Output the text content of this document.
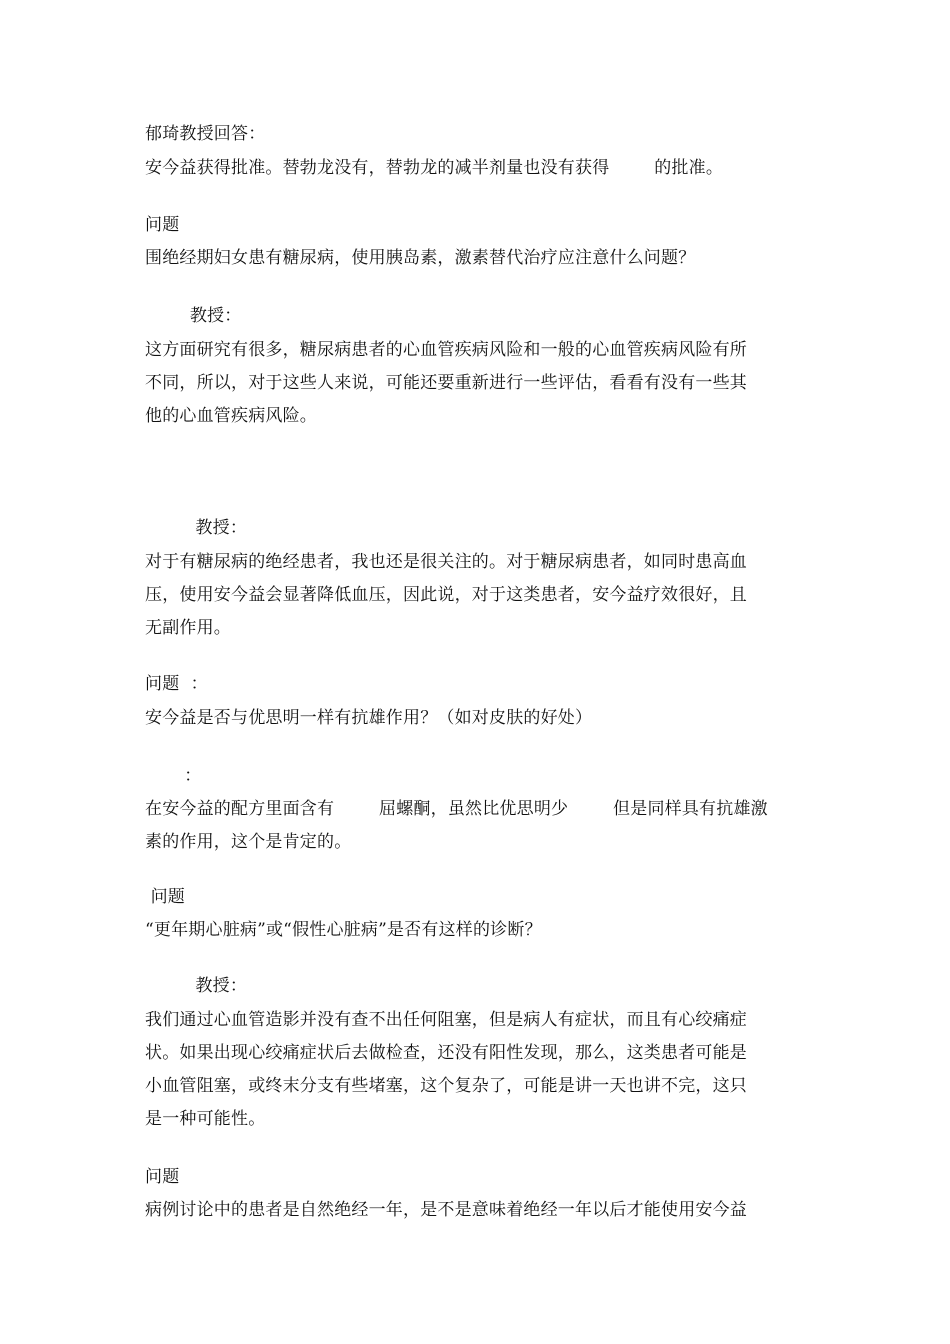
郁琦教授回答：
安今益获得批准。替勃龙没有，替勃龙的减半剂量也没有获得        的批准。
问题
围绝经期妇女患有糖尿病，使用胰岛素，激素替代治疗应注意什么问题？
教授：
这方面研究有很多，糖尿病患者的心血管疾病风险和一般的心血管疾病风险有所
不同，所以，对于这些人来说，可能还要重新进行一些评估，看看有没有一些其
他的心血管疾病风险。
教授：
对于有糖尿病的绝经患者，我也还是很关注的。对于糖尿病患者，如同时患高血
压，使用安今益会显著降低血压，因此说，对于这类患者，安今益疗效很好，且
无副作用。
问题  ：
安今益是否与优思明一样有抗雄作用？（如对皮肤的好处）
：
在安今益的配方里面含有        屈螺酮，虽然比优思明少        但是同样具有抗雄激
素的作用，这个是肯定的。
问题
“更年期心脏病”或“假性心脏病”是否有这样的诊断？
教授：
我们通过心血管造影并没有查不出任何阻塞，但是病人有症状，而且有心绞痛症
状。如果出现心绞痛症状后去做检查，还没有阳性发现，那么，这类患者可能是
小血管阻塞，或终末分支有些堵塞，这个复杂了，可能是讲一天也讲不完，这只
是一种可能性。
问题
病例讨论中的患者是自然绝经一年，是不是意味着绝经一年以后才能使用安今益
